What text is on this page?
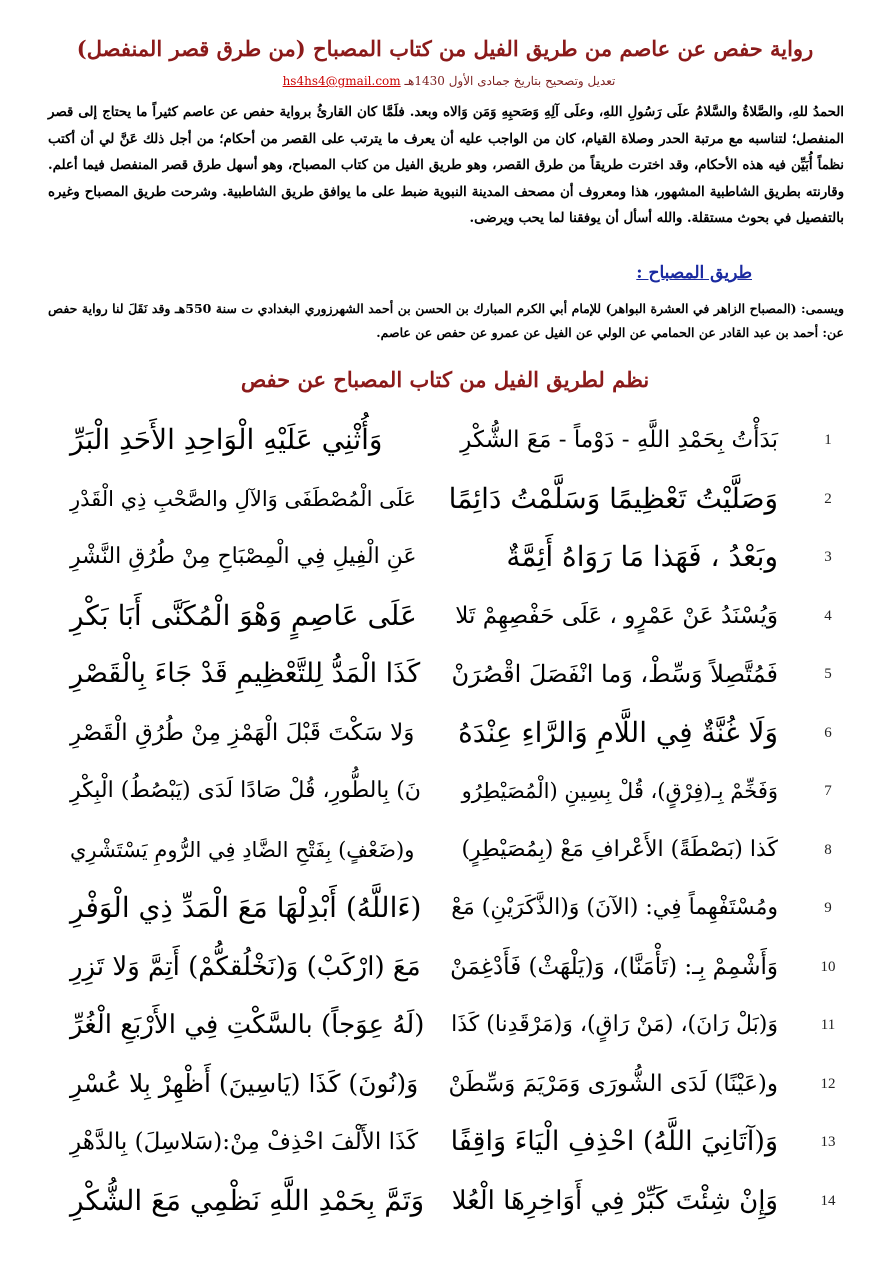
رواية حفص عن عاصم من طريق الفيل من كتاب المصباح (من طرق قصر المنفصل)
تعديل وتصحيح بتاريخ جمادى الأول 1430هـ hs4hs4@gmail.com
الحمدُ للهِ، والصَّلاةُ والسَّلامُ علَى رَسُولِ اللهِ، وعلَى آلِهِ وَصَحبِهِ وَمَن وَالاه وبعد. فلَمَّا كان القارئُ برواية حفص عن عاصم كثيراً ما يحتاج إلى قصر المنفصل؛ لتناسبه مع مرتبة الحدر وصلاة القيام، كان من الواجب عليه أن يعرف ما يترتب على القصر من أحكام؛ من أجل ذلك عَنَّ لي أن أكتب نظماً أُبَيِّن فيه هذه الأحكام، وقد اخترت طريقاً من طرق القصر، وهو طريق الفيل من كتاب المصباح، وهو أسهل طرق قصر المنفصل فيما أعلم. وقارنته بطريق الشاطبية المشهور، هذا ومعروف أن مصحف المدينة النبوية ضبط على ما يوافق طريق الشاطبية. وشرحت طريق المصباح وغيره بالتفصيل في بحوث مستقلة. والله أسأل أن يوفقنا لما يحب ويرضى.
طريق المصباح :
ويسمى: (المصباح الزاهر في العشرة البواهر) للإمام أبي الكرم المبارك بن الحسن بن أحمد الشهرزوري البغدادي ت سنة 550هـ وقد نَقَلَ لنا رواية حفص عن: أحمد بن عبد القادر عن الحمامي عن الولي عن الفيل عن عمرو عن حفص عن عاصم.
نظم لطريق الفيل من كتاب المصباح عن حفص
1
بَدَأْتُ بِحَمْدِ اللَّهِ - دَوْماً - مَعَ الشُّكْرِ
وَأُثْنِي عَلَيْهِ الْوَاحِدِ الأَحَدِ الْبَرِّ
2
وَصَلَّيْتُ تَعْظِيمًا وَسَلَّمْتُ دَائِمًا
عَلَى الْمُصْطَفَى وَالآلِ والصَّحْبِ ذِي الْقَدْرِ
3
وبَعْدُ ، فَهَذا مَا رَوَاهُ أَئِمَّةٌ
عَنِ الْفِيلِ فِي الْمِصْبَاحِ مِنْ طُرُقِ النَّشْرِ
4
وَيُسْنَدُ عَنْ عَمْرٍو ، عَلَى حَفْصِهِمْ تَلا
عَلَى عَاصِمٍ وَهْوَ الْمُكَنَّى أَبَا بَكْرِ
5
فَمُتَّصِلاً وَسِّطْ، وَما انْفَصَلَ اقْصُرَنْ
كَذَا الْمَدُّ لِلتَّعْظِيمِ قَدْ جَاءَ بِالْقَصْرِ
6
وَلَا غُنَّةٌ فِي اللَّامِ وَالرَّاءِ عِنْدَهُ
وَلا سَكْتَ قَبْلَ الْهَمْزِ مِنْ طُرُقِ الْقَصْرِ
7
وَفَخِّمْ بِـ(فِرْقٍ)، قُلْ بِسِينِ (الْمُصَيْطِرُو
نَ) بِالطُّورِ، قُلْ صَادًا لَدَى (يَبْصُطُ) الْبِكْرِ
8
كَذا (بَصْطَةً) الأَعْرافِ مَعْ (بِمُصَيْطِرٍ)
و(ضَعْفٍ) بِفَتْحِ الضَّادِ فِي الرُّومِ يَسْتَشْرِي
9
ومُسْتَفْهِماً فِي: (الآنَ) وَ(الذَّكَرَيْنِ) مَعْ
(ءَاللَّهُ) أَبْدِلْهَا مَعَ الْمَدِّ ذِي الْوَفْرِ
10
وَأَشْمِمْ بِـ: (تَأْمَنَّا)، وَ(يَلْهَثْ) فَأَدْغِمَنْ
مَعَ (ارْكَبْ) وَ(نَخْلُقكُّمْ) أَتِمَّ وَلا تَزِرِ
11
وَ(بَلْ رَانَ)، (مَنْ رَاقٍ)، وَ(مَرْقَدِنا) كَذَا
(لَهُ عِوَجاً) بالسَّكْتِ فِي الأَرْبَعِ الْغُرِّ
12
و(عَيْنًا) لَدَى الشُّورَى وَمَرْيَمَ وَسِّطَنْ
وَ(نُونَ) كَذَا (يَاسِينَ) أَظْهِرْ بِلا عُسْرِ
13
وَ(آتَانِيَ اللَّهُ) احْذِفِ الْيَاءَ وَاقِفًا
كَذَا الأَلْفَ احْذِفْ مِنْ:(سَلاسِلَ) بِالدَّهْرِ
14
وَإِنْ شِئْتَ كَبِّرْ فِي أَوَاخِرِهَا الْعُلا
وَتَمَّ بِحَمْدِ اللَّهِ نَظْمِي مَعَ الشُّكْرِ
